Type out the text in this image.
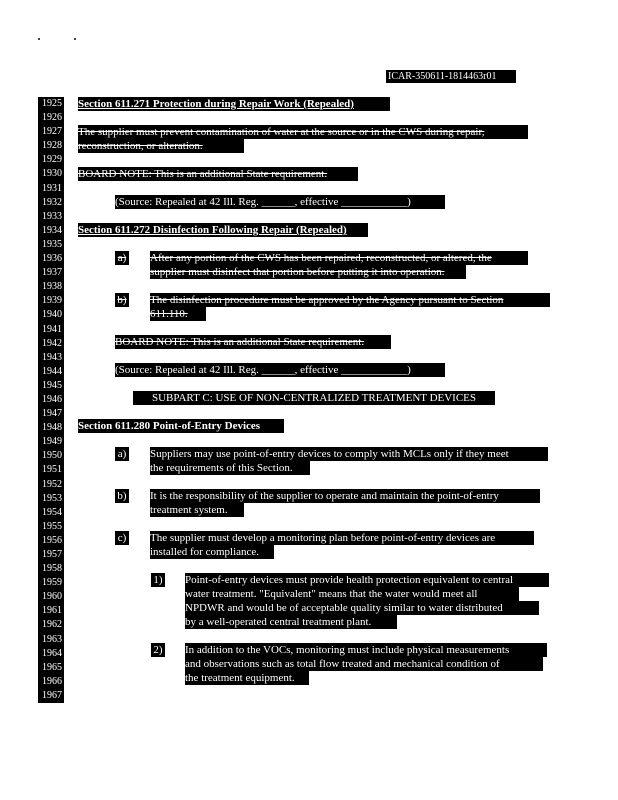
ICAR-350611-1814463r01
1925
1926
1927
1928
1929
1930
1931
1932
1933
1934
1935
1936
1937
1938
1939
1940
1941
1942
1943
1944
1945
1946
1947
1948
1949
1950
1951
1952
1953
1954
1955
1956
1957
1958
1959
1960
1961
1962
1963
1964
1965
1966
1967
Section 611.271 Protection during Repair Work (Repealed)
The supplier must prevent contamination of water at the source or in the CWS during repair,
reconstruction, or alteration.
BOARD NOTE: This is an additional State requirement.
(Source: Repealed at 42 Ill. Reg. ______, effective ____________)
Section 611.272 Disinfection Following Repair (Repealed)
a) After any portion of the CWS has been repaired, reconstructed, or altered, the
supplier must disinfect that portion before putting it into operation.
b) The disinfection procedure must be approved by the Agency pursuant to Section
611.110.
BOARD NOTE: This is an additional State requirement.
(Source: Repealed at 42 Ill. Reg. ______, effective ____________)
SUBPART C: USE OF NON-CENTRALIZED TREATMENT DEVICES
Section 611.280 Point-of-Entry Devices
a) Suppliers may use point-of-entry devices to comply with MCLs only if they meet
the requirements of this Section.
b) It is the responsibility of the supplier to operate and maintain the point-of-entry
treatment system.
c) The supplier must develop a monitoring plan before point-of-entry devices are
installed for compliance.
1) Point-of-entry devices must provide health protection equivalent to central
water treatment. "Equivalent" means that the water would meet all
NPDWR and would be of acceptable quality similar to water distributed
by a well-operated central treatment plant.
2) In addition to the VOCs, monitoring must include physical measurements
and observations such as total flow treated and mechanical condition of
the treatment equipment.
